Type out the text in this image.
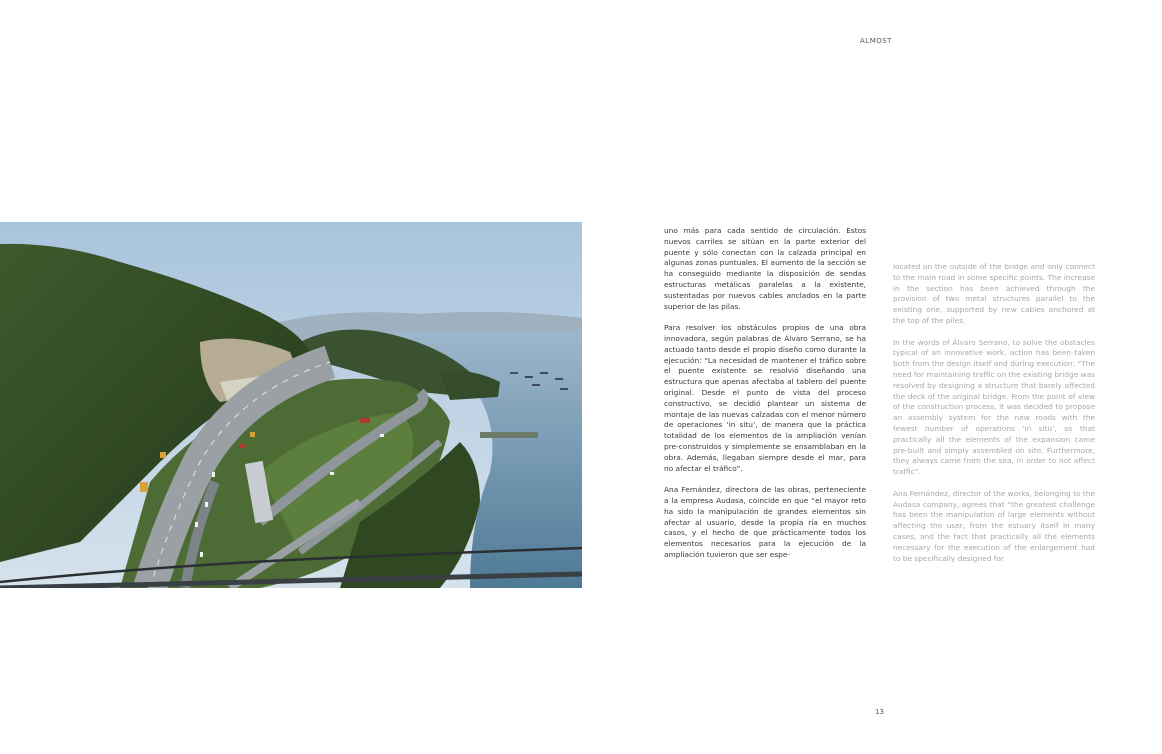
ALMOST

uno más para cada sentido de circulación. Estos nuevos carriles se sitúan en la parte exterior del puente y sólo conectan con la calzada principal en algunas zonas puntuales. El aumento de la sección se ha conseguido mediante la disposición de sendas estructuras metálicas paralelas a la existente, sustentadas por nuevos cables anclados en la parte superior de las pilas.

Para resolver los obstáculos propios de una obra innovadora, según palabras de Álvaro Serrano, se ha actuado tanto desde el propio diseño como durante la ejecución: “La necesidad de mantener el tráfico sobre el puente existente se resolvió diseñando una estructura que apenas afectaba al tablero del puente original. Desde el punto de vista del proceso constructivo, se decidió plantear un sistema de montaje de las nuevas calzadas con el menor número de operaciones ‘in situ’, de manera que la práctica totalidad de los elementos de la ampliación venían pre-construidos y simplemente se ensamblaban en la obra. Además, llegaban siempre desde el mar, para no afectar el tráfico”.

Ana Fernández, directora de las obras, perteneciente a la empresa Audasa, coincide en que “el mayor reto ha sido la manipulación de grandes elementos sin afectar al usuario, desde la propia ría en muchos casos, y el hecho de que prácticamente todos los elementos necesarios para la ejecución de la ampliación tuvieron que ser espe-

located on the outside of the bridge and only connect to the main road in some specific points. The increase in the section has been achieved through the provision of two metal structures parallel to the existing one, supported by new cables anchored at the top of the piles.

In the words of Álvaro Serrano, to solve the obstacles typical of an innovative work, action has been taken both from the design itself and during execution: “The need for maintaining traffic on the existing bridge was resolved by designing a structure that barely affected the deck of the original bridge. From the point of view of the construction process, it was decided to propose an assembly system for the new roads with the fewest number of operations ‘in situ’, so that practically all the elements of the expansion came pre-built and simply assembled on site. Furthermore, they always came from the sea, in order to not affect traffic”.

Ana Fernández, director of the works, belonging to the Audasa company, agrees that “the greatest challenge has been the manipulation of large elements without affecting the user, from the estuary itself in many cases, and the fact that practically all the elements necessary for the execution of the enlargement had to be specifically designed for

13
